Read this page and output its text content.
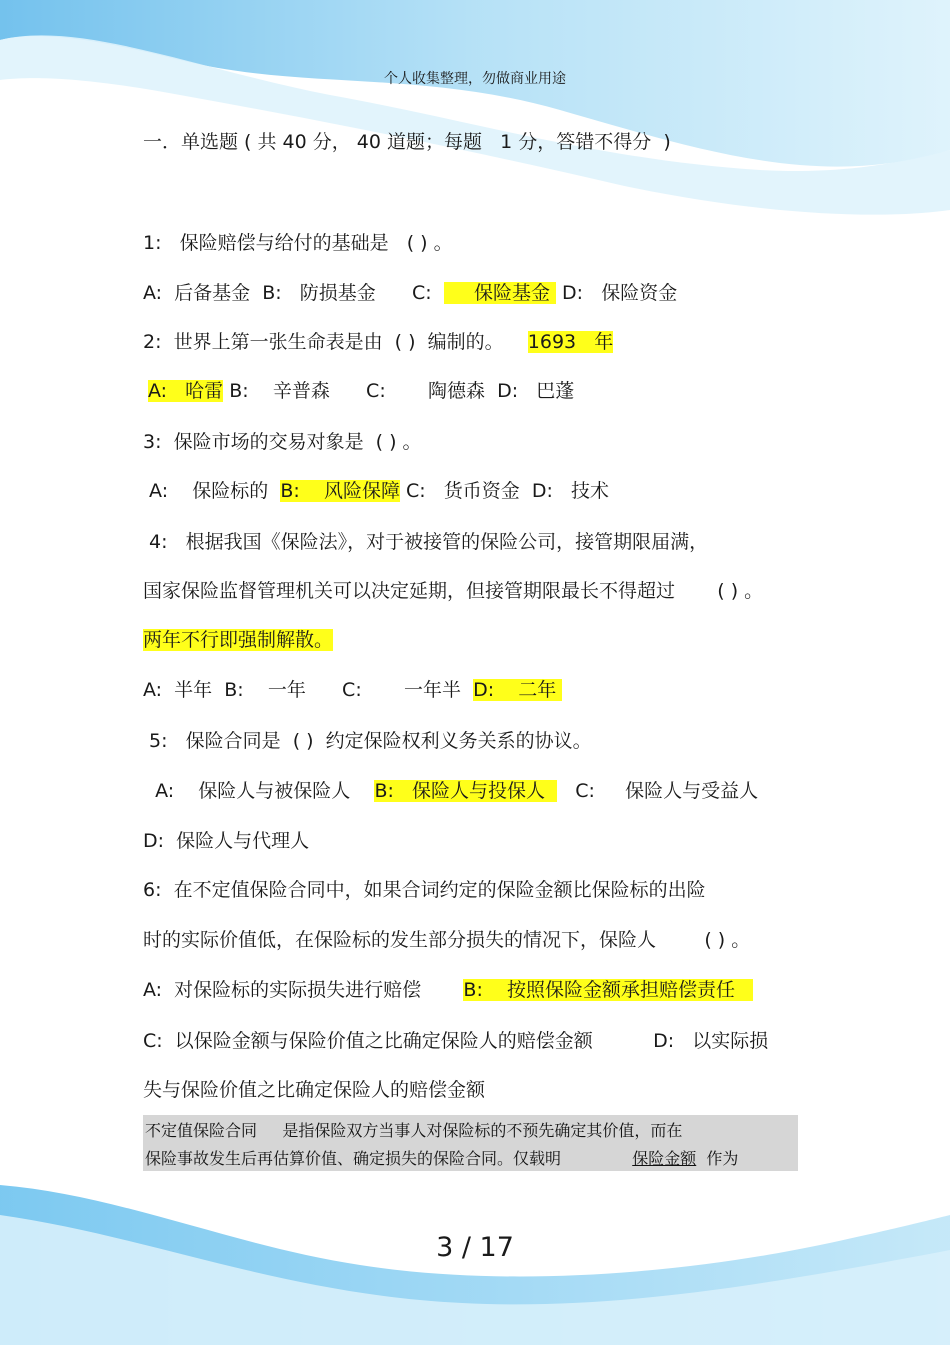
个人收集整理，勿做商业用途
一．单选题 ( 共 40 分， 40 道题；每题   1 分，答错不得分  )
1:   保险赔偿与给付的基础是   ( ) 。
A:  后备基金  B:   防损基金      C:       保险基金  D:   保险资金
2:  世界上第一张生命表是由  ( )  编制的。    1693   年
A:   哈雷 B:    辛普森      C:       陶德森  D:   巴蓬
3:  保险市场的交易对象是  ( ) 。
A:    保险标的  B:    风险保障 C:   货币资金  D:   技术
4:   根据我国《保险法》，对于被接管的保险公司，接管期限届满，
国家保险监督管理机关可以决定延期，但接管期限最长不得超过       ( ) 。
两年不行即强制解散。
A:  半年  B:    一年      C:       一年半  D:    二年
5:   保险合同是  ( )  约定保险权利义务关系的协议。
A:    保险人与被保险人    B:   保险人与投保人     C:     保险人与受益人
D:  保险人与代理人
6:  在不定值保险合同中，如果合词约定的保险金额比保险标的出险
时的实际价值低，在保险标的发生部分损失的情况下，保险人        ( ) 。
A:  对保险标的实际损失进行赔偿       B:    按照保险金额承担赔偿责任
C:  以保险金额与保险价值之比确定保险人的赔偿金额          D:   以实际损
失与保险价值之比确定保险人的赔偿金额
不定值保险合同     是指保险双方当事人对保险标的不预先确定其价值，而在
保险事故发生后再估算价值、确定损失的保险合同。仅载明              保险金额  作为
3 / 17
